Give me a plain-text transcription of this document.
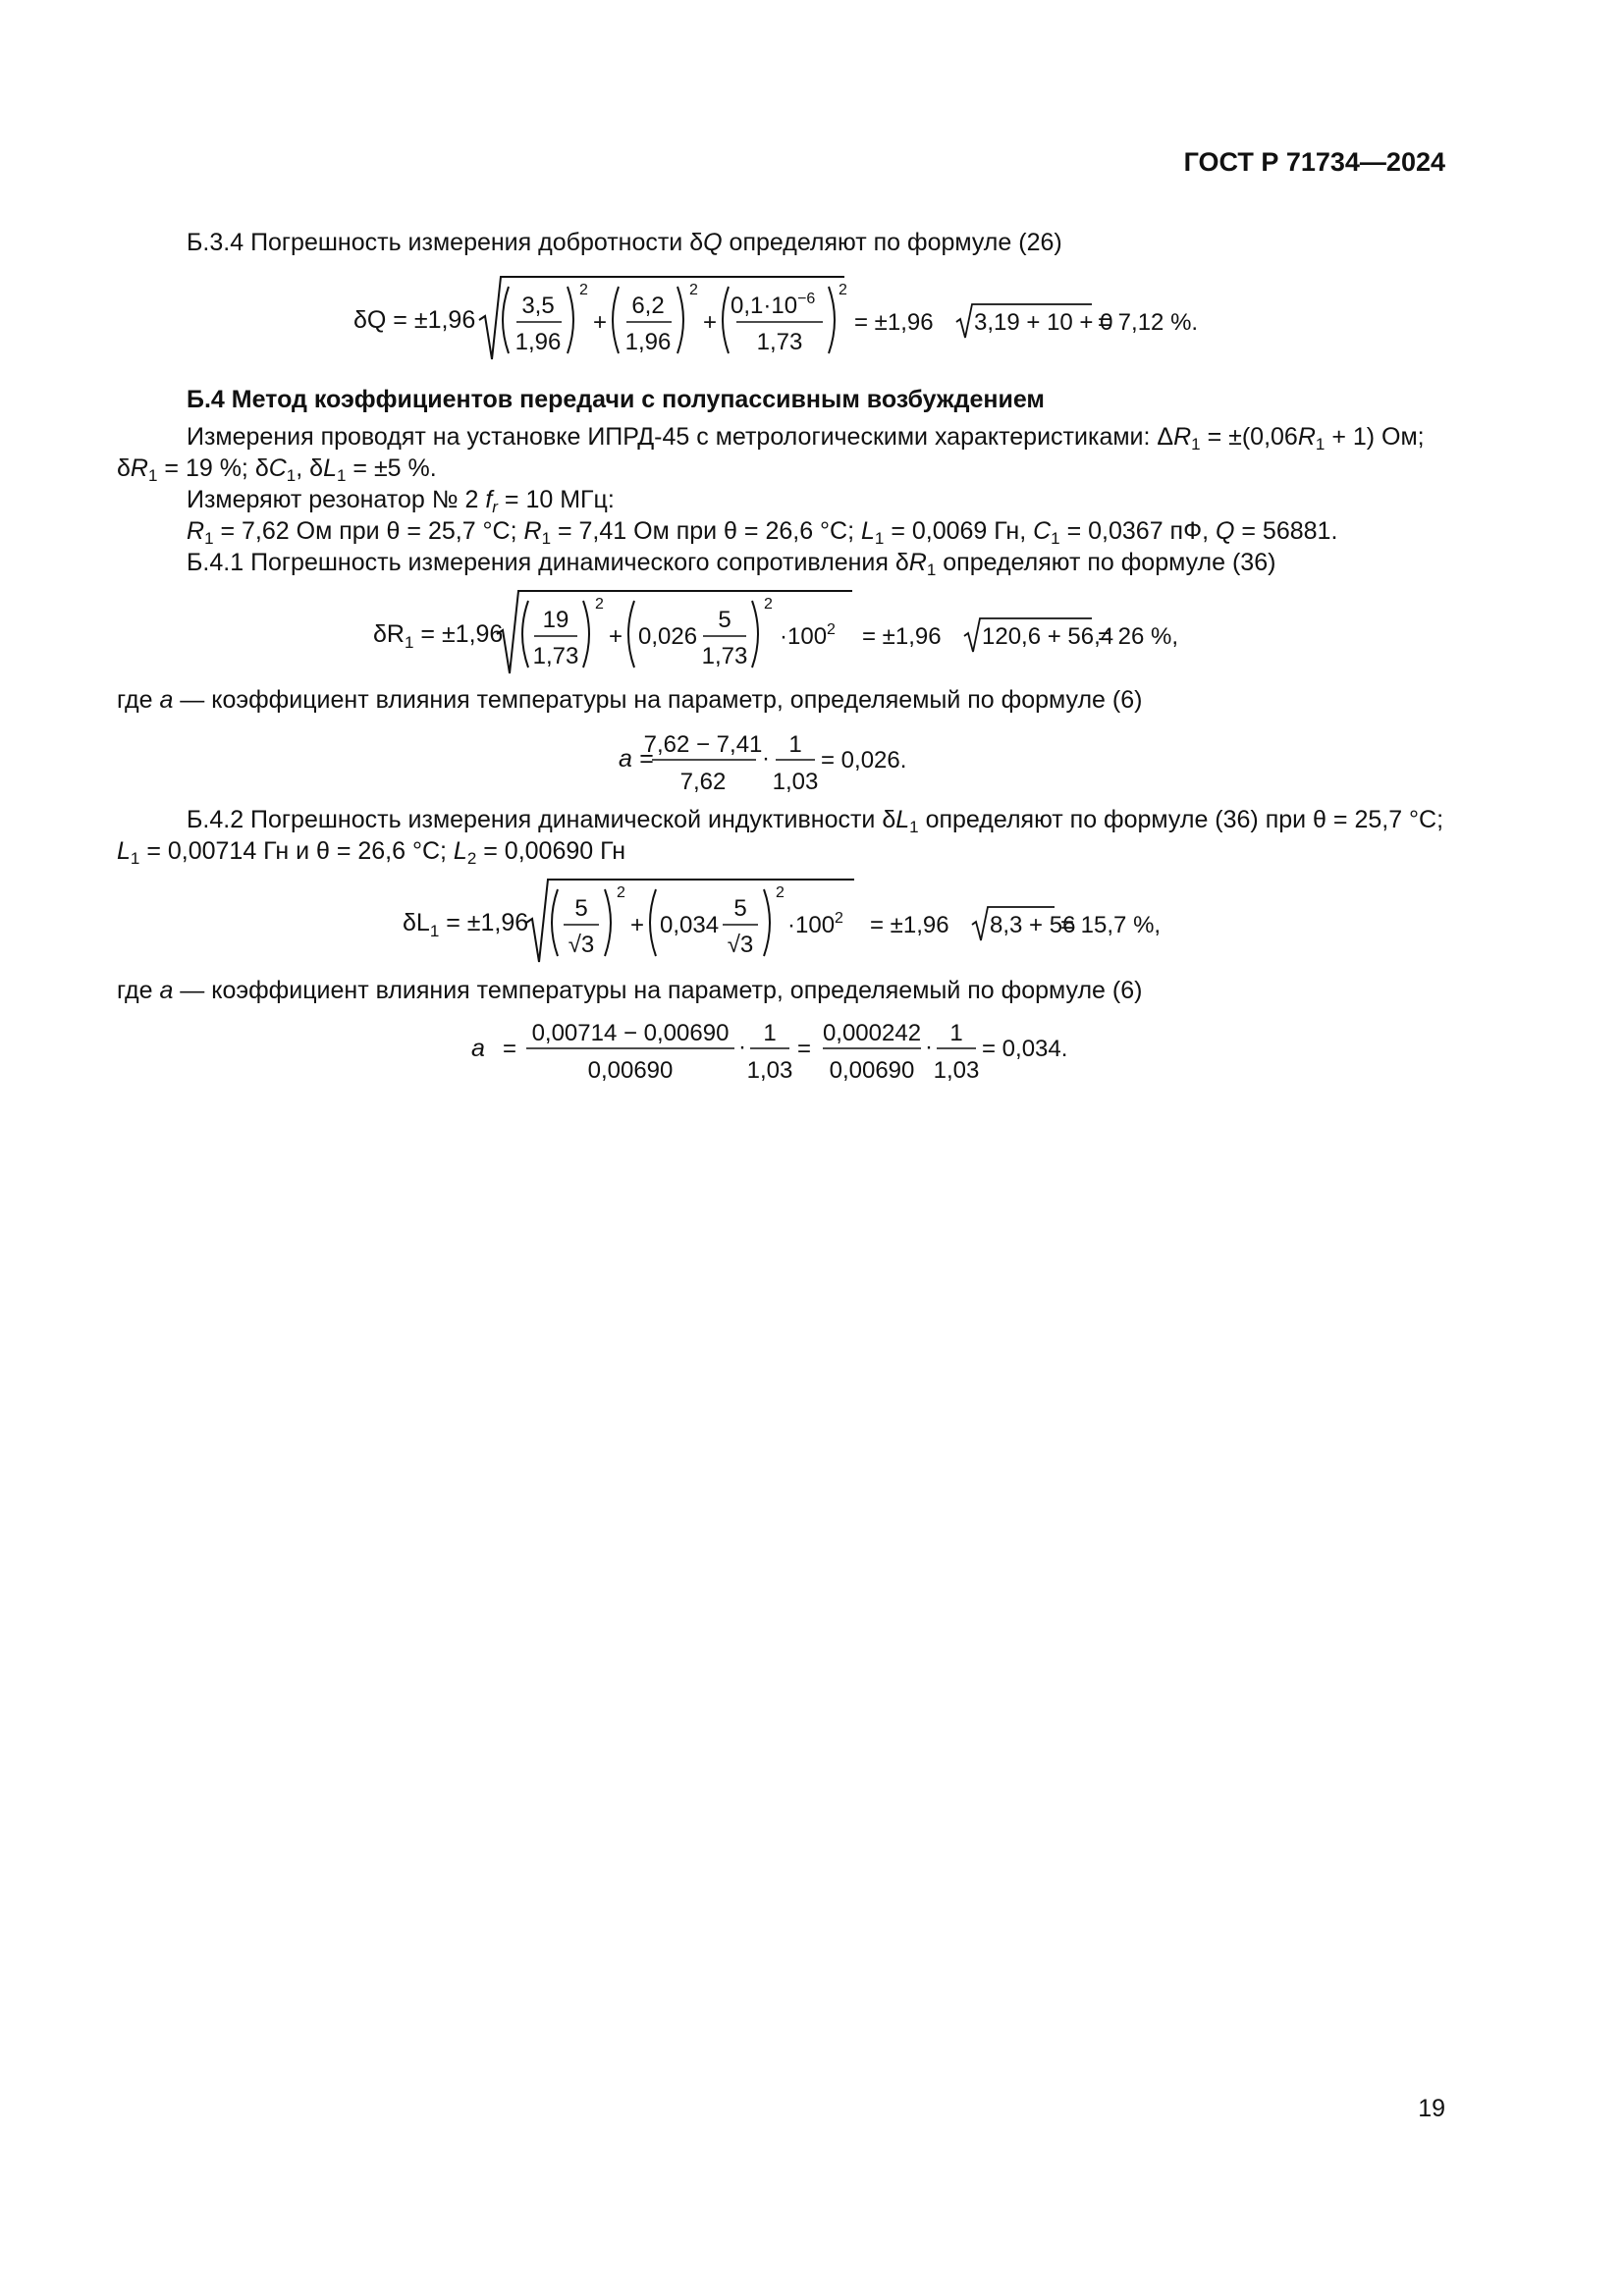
ГОСТ Р 71734—2024
Б.3.4 Погрешность измерения добротности δQ определяют по формуле (26)
δQ = ±1,96
3,5
1,96
2
+
6,2
1,96
2
+
$0,1\cdot 10^{-6}$
1,73
2
= ±1,96 3,19 + 10 + 0
= 7,12 %.
Б.4 Метод коэффициентов передачи с полупассивным возбуждением
Измерения проводят на установке ИПРД-45 с метрологическими характеристиками: $\Delta R_1 = \pm(0,06R_1 + 1)$ Ом;
$\delta R_1 = 19$ %; $\delta C_1$, $\delta L_1 = \pm 5$ %.
Измеряют резонатор № 2 $f_r = 10$ МГц:
$R_1 = 7,62$ Ом при θ = 25,7 °C; $R_1 = 7,41$ Ом при θ = 26,6 °C; $L_1 = 0,0069$ Гн, $C_1 = 0,0367$ пФ, Q = 56881.
Б.4.1 Погрешность измерения динамического сопротивления $\delta R_1$ определяют по формуле (36)
$\delta R_1 = \pm 1,96$
19
1,73
2
+ 0,026
5
1,73
2
$\cdot 100^2 = \pm 1,96$ 120,6 + 56,4
= 26 %,
где a — коэффициент влияния температуры на параметр, определяемый по формуле (6)
a =
7,62 − 7,41
7,62
·
1
1,03
= 0,026.
Б.4.2 Погрешность измерения динамической индуктивности $\delta L_1$ определяют по формуле (36) при θ = 25,7 °C;
$L_1 = 0,00714$ Гн и θ = 26,6 °C; $L_2 = 0,00690$ Гн
$\delta L_1 = \pm 1,96$
5
√3
2
+ 0,034
5
√3
2
$\cdot 100^2 = \pm 1,96$ 8,3 + 56
= 15,7 %,
где a — коэффициент влияния температуры на параметр, определяемый по формуле (6)
a =
0,00714 − 0,00690
0,00690
·
1
1,03
=
0,000242
0,00690
·
1
1,03
= 0,034.
19
